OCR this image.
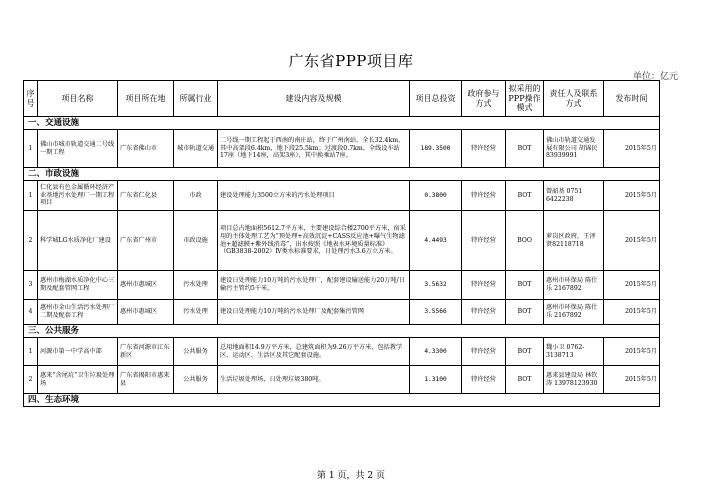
广东省PPP项目库
单位：亿元
序号	项目名称	项目所在地	所属行业	建设内容及规模	项目总投资	政府参与方式	拟采用的PPP操作模式	责任人及联系方式	发布时间
一、交通设施									
1	佛山市城市轨道交通二号线一期工程	广东省佛山市	城市轨道交通	二号线一期工程起于西南的南庄站，终于广州南站。全长32.4km，其中高架段6.4km，地下段25.5km；过渡段0.7km。全线设车站17座（地下14座，高架3座），其中换乘站7座。	189.3500	特许经营	BOT	佛山市轨道交通发展有限公司 胡锦民 83939991	2015年5月
二、市政设施									
1	仁化县有色金属循环经济产业基地污水处理厂一期工程项目	广东省仁化县	市政	建设处理能力3500立方米的污水处理项目	0.3800	特许经营	BOT	曾韶基 0751 6422238	2015年5月
2	科学城LG水质净化厂建设	广东省广州市	市政设施	项目总占地面积5612.7平方米，主要建设综合楼2700平方米，宿采用的主体处理工艺为“预处理+高效沉淀+CASS反应池+曝气生物滤池+超滤膜+紫外线消毒”，出水按照《地表水环境质量标准》（GB3838-2002）Ⅳ类水标准要求，日处理污水3.6万立方米。	4.4493	特许经营	BOO	萝岗区政府，王泽贤82118718	2015年5月
3	惠州市梅湖水质净化中心三期及配套管网工程	惠州市惠城区	污水处理	建设日处理能力10万吨的污水处理厂，配套建设输送能力20万吨/日输污主管约5千米。	3.5632	特许经营	BOT	惠州市环保局 陈仕乐 2167892	2015年5月
4	惠州市金山生活污水处理厂二期及配套工程	惠州市惠城区	污水处理	建设日处理能力10万吨的污水处理厂及配套集污管网	3.5566	特许经营	BOT	惠州市环保局 陈仕乐 2167892	2015年5月
三、公共服务									
1	河源市第一中学高中部	广东省河源市江东新区	公共服务	总用地面积14.9万平方米，总建筑面积为9.26万平方米，包括教学区、运动区、生活区及其它配套设施。	4.3300	特许经营	BOT	魏小卫 0762-3138713	2015年5月
2	惠来“含尾坑”卫生垃圾处理场	广东省揭阳市惠来县	公共服务	生活垃圾处理场，日处理垃圾380吨。	1.3100	特许经营	BOT	惠来县建设局 林钦涛 13978123930	2015年5月
四、生态环境									
第 1 页，共 2 页
